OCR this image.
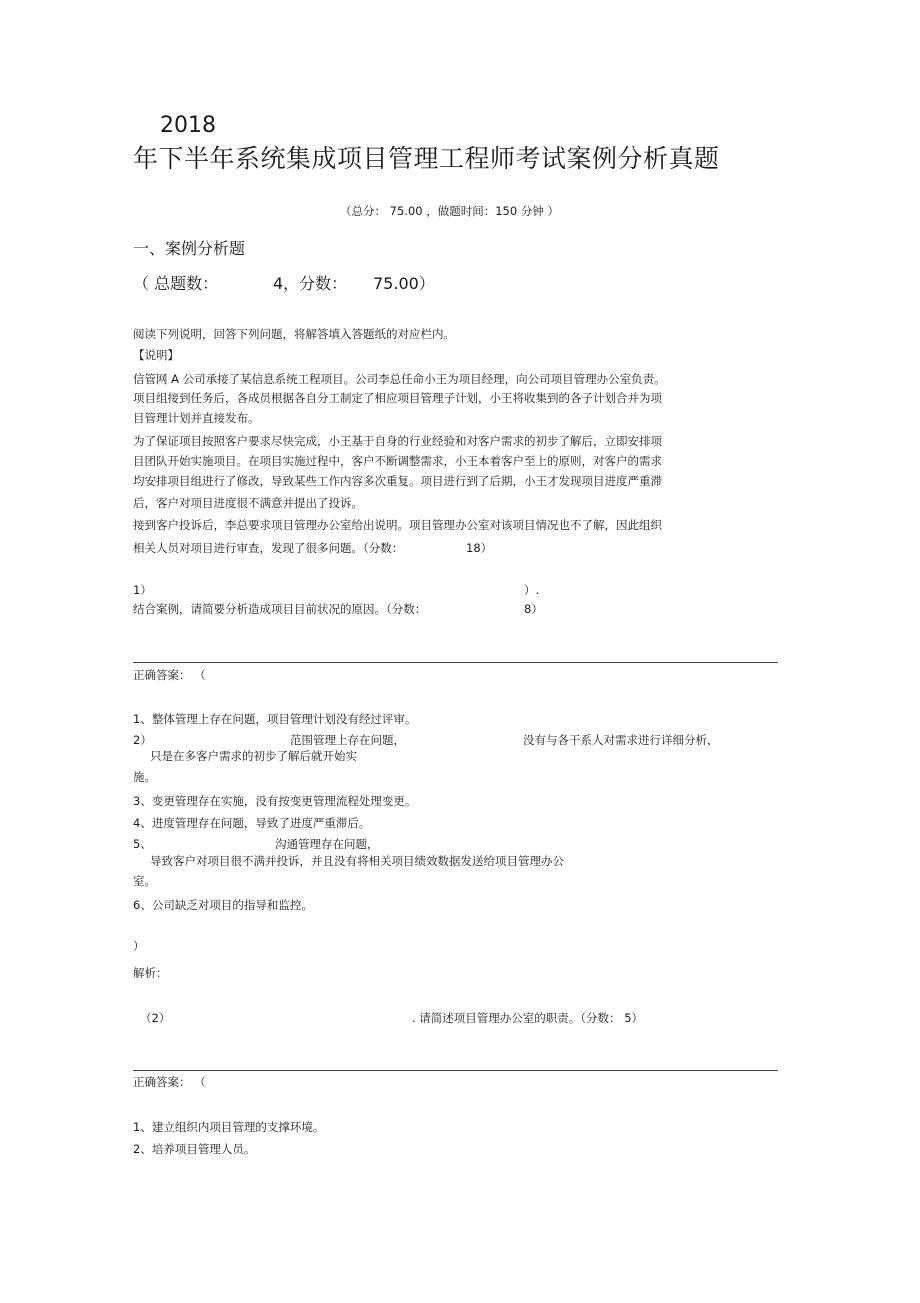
2018
年下半年系统集成项目管理工程师考试案例分析真题
（总分： 75.00 ，做题时间：150 分钟 ）
一、案例分析题
（ 总题数：	4，分数： 75.00）
阅读下列说明，回答下列问题，将解答填入答题纸的对应栏内。
【说明】
信管网 A 公司承接了某信息系统工程项目。公司李总任命小王为项目经理，向公司项目管理办公室负责。
项目组接到任务后，各成员根据各自分工制定了相应项目管理子计划，小王将收集到的各子计划合并为项
目管理计划并直接发布。
为了保证项目按照客户要求尽快完成，小王基于自身的行业经验和对客户需求的初步了解后，立即安排项
目团队开始实施项目。在项目实施过程中，客户不断调整需求，小王本着客户至上的原则，对客户的需求
均安排项目组进行了修改，导致某些工作内容多次重复。项目进行到了后期，小王才发现项目进度严重滞
后，客户对项目进度很不满意并提出了投诉。
接到客户投诉后，李总要求项目管理办公室给出说明。项目管理办公室对该项目情况也不了解，因此组织
相关人员对项目进行审查，发现了很多问题。（分数：	18）
1）	）.
结合案例，请简要分析造成项目目前状况的原因。（分数：	8）
正确答案： （
1、整体管理上存在问题，项目管理计划没有经过评审。
2）	范围管理上存在问题，	没有与各干系人对需求进行详细分析，
只是在多客户需求的初步了解后就开始实
施。
3、变更管理存在实施，没有按变更管理流程处理变更。
4、进度管理存在问题，导致了进度严重滞后。
5、	沟通管理存在问题，
导致客户对项目很不满并投诉，并且没有将相关项目绩效数据发送给项目管理办公
室。
6、公司缺乏对项目的指导和监控。
）
解析：
（2）	. 请简述项目管理办公室的职责。（分数： 5）
正确答案： （
1、建立组织内项目管理的支撑环境。
2、培养项目管理人员。
